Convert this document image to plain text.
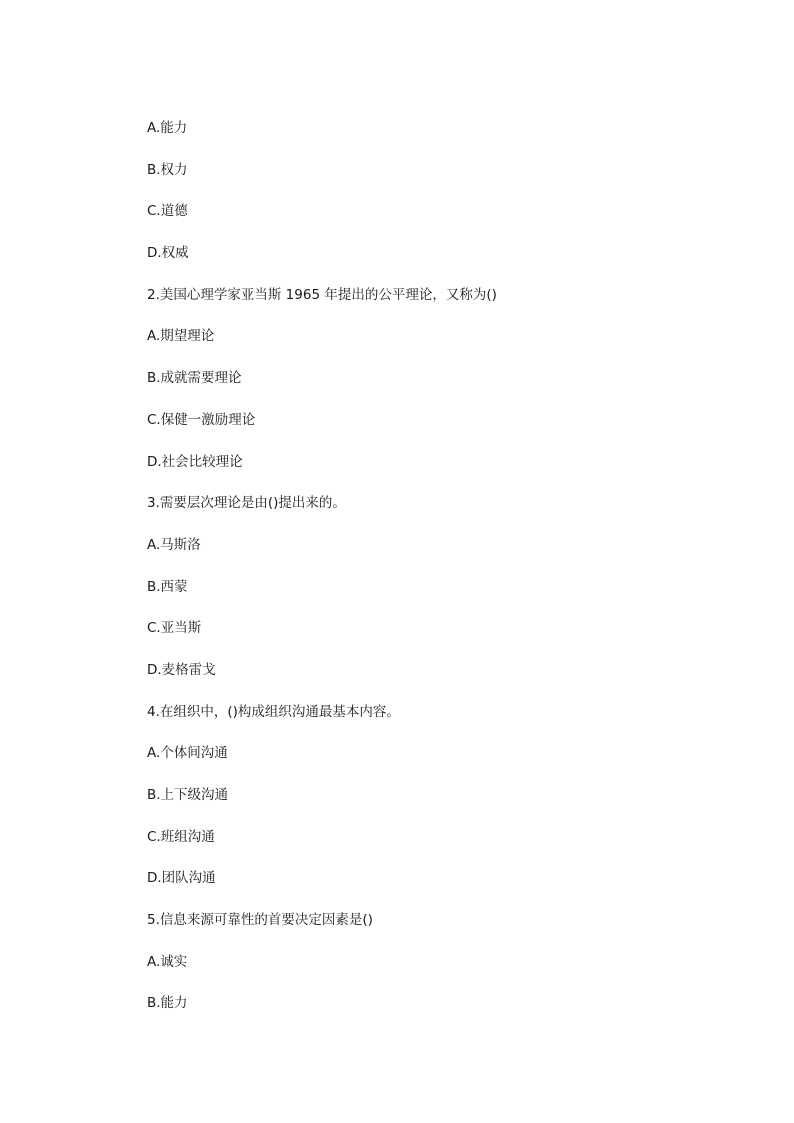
A.能力
B.权力
C.道德
D.权威
2.美国心理学家亚当斯 1965 年提出的公平理论，又称为()
A.期望理论
B.成就需要理论
C.保健一激励理论
D.社会比较理论
3.需要层次理论是由()提出来的。
A.马斯洛
B.西蒙
C.亚当斯
D.麦格雷戈
4.在组织中，()构成组织沟通最基本内容。
A.个体间沟通
B.上下级沟通
C.班组沟通
D.团队沟通
5.信息来源可靠性的首要决定因素是()
A.诚实
B.能力
